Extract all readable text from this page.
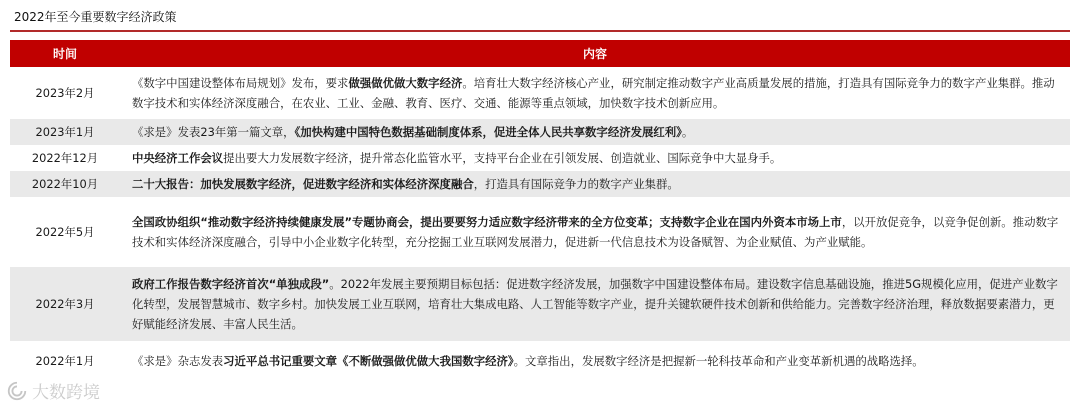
2022年至今重要数字经济政策
时间	内容
2023年2月	《数字中国建设整体布局规划》发布，要求做强做优做大数字经济。培育壮大数字经济核心产业，研究制定推动数字产业高质量发展的措施，打造具有国际竞争力的数字产业集群。推动数字技术和实体经济深度融合，在农业、工业、金融、教育、医疗、交通、能源等重点领域，加快数字技术创新应用。
2023年1月	《求是》发表23年第一篇文章，《加快构建中国特色数据基础制度体系，促进全体人民共享数字经济发展红利》。
2022年12月	中央经济工作会议提出要大力发展数字经济，提升常态化监管水平，支持平台企业在引领发展、创造就业、国际竞争中大显身手。
2022年10月	二十大报告：加快发展数字经济，促进数字经济和实体经济深度融合，打造具有国际竞争力的数字产业集群。
2022年5月	全国政协组织“推动数字经济持续健康发展”专题协商会，提出要要努力适应数字经济带来的全方位变革；支持数字企业在国内外资本市场上市，以开放促竞争，以竞争促创新。推动数字技术和实体经济深度融合，引导中小企业数字化转型，充分挖掘工业互联网发展潜力，促进新一代信息技术为设备赋智、为企业赋值、为产业赋能。
2022年3月	政府工作报告数字经济首次“单独成段”。2022年发展主要预期目标包括：促进数字经济发展，加强数字中国建设整体布局。建设数字信息基础设施，推进5G规模化应用，促进产业数字化转型，发展智慧城市、数字乡村。加快发展工业互联网，培育壮大集成电路、人工智能等数字产业，提升关键软硬件技术创新和供给能力。完善数字经济治理，释放数据要素潜力，更好赋能经济发展、丰富人民生活。
2022年1月	《求是》杂志发表习近平总书记重要文章《不断做强做优做大我国数字经济》。文章指出，发展数字经济是把握新一轮科技革命和产业变革新机遇的战略选择。
大数跨境
